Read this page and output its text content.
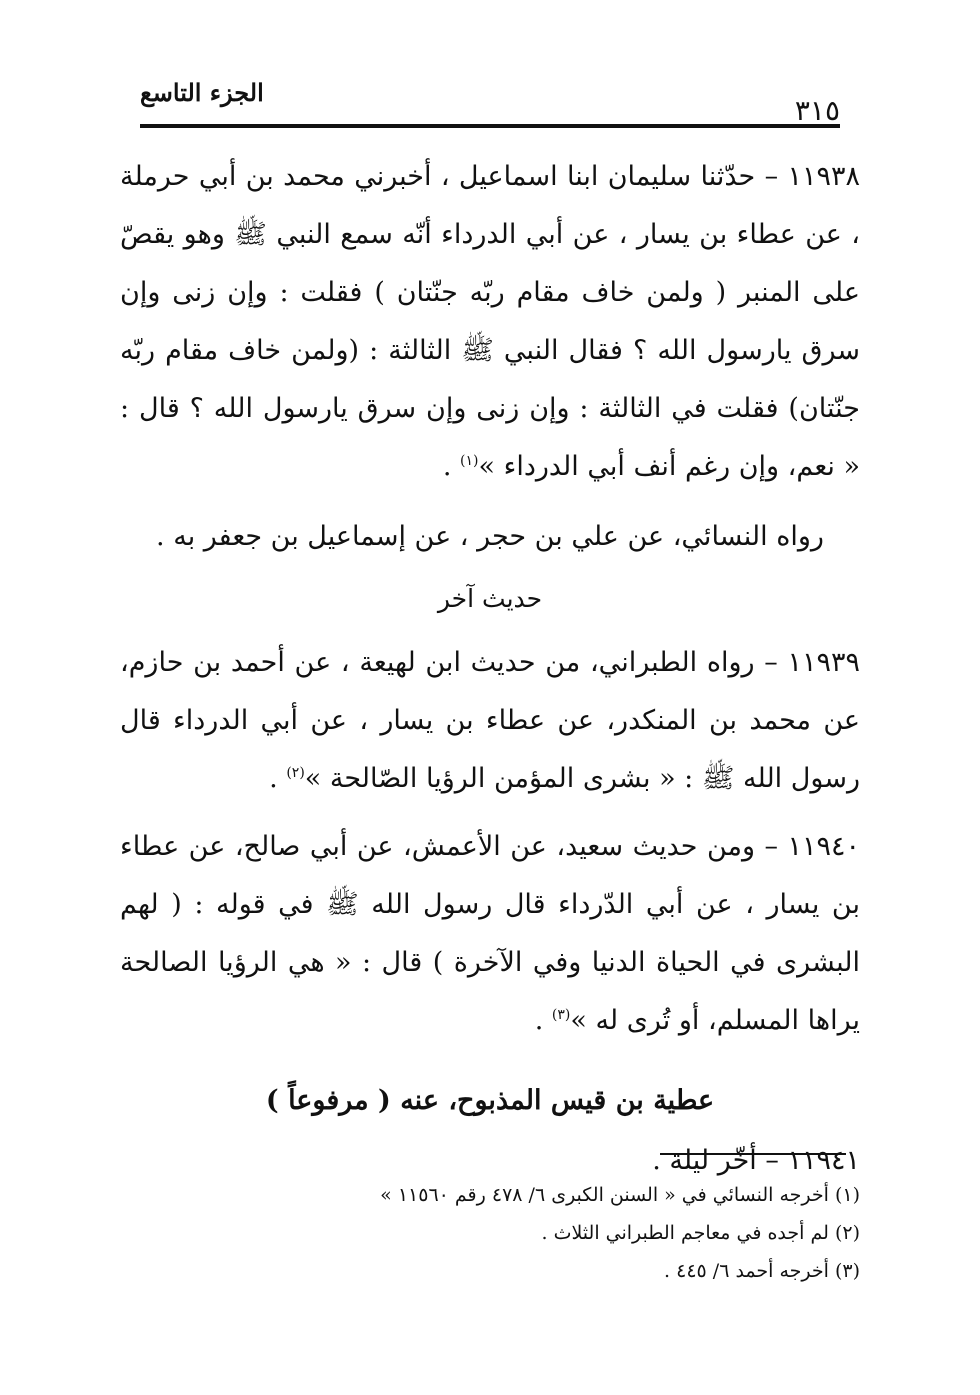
الجزء التاسع
٣١٥

١١٩٣٨ – حدّثنا سليمان ابنا اسماعيل ، أخبرني محمد بن أبي حرملة ، عن عطاء بن يسار ، عن أبي الدرداء أنّه سمع النبي ﷺ وهو يقصّ على المنبر ( ولمن خاف مقام ربّه جنّتان ) فقلت : وإن زنى وإن سرق يارسول الله ؟ فقال النبي ﷺ الثالثة : (ولمن خاف مقام ربّه جنّتان) فقلت في الثالثة : وإن زنى وإن سرق يارسول الله ؟ قال : « نعم، وإن رغم أنف أبي الدرداء »$^{(١)}$ .

رواه النسائي، عن علي بن حجر ، عن إسماعيل بن جعفر به .

حديث آخر

١١٩٣٩ – رواه الطبراني، من حديث ابن لهيعة ، عن أحمد بن حازم، عن محمد بن المنكدر، عن عطاء بن يسار ، عن أبي الدرداء قال رسول الله ﷺ : « بشرى المؤمن الرؤيا الصّالحة »$^{(٢)}$ .

١١٩٤٠ – ومن حديث سعيد، عن الأعمش، عن أبي صالح، عن عطاء بن يسار ، عن أبي الدّرداء قال رسول الله ﷺ في قوله : ( لهم البشرى في الحياة الدنيا وفي الآخرة ) قال : « هي الرؤيا الصالحة يراها المسلم، أو تُرى له »$^{(٣)}$ .

عطية بن قيس المذبوح، عنه ( مرفوعاً )

١١٩٤١ – أخّر ليلة .

(١) أخرجه النسائي في « السنن الكبرى ٦/ ٤٧٨ رقم ١١٥٦٠ »
(٢) لم أجده في معاجم الطبراني الثلاث .
(٣) أخرجه أحمد ٦/ ٤٤٥ .
